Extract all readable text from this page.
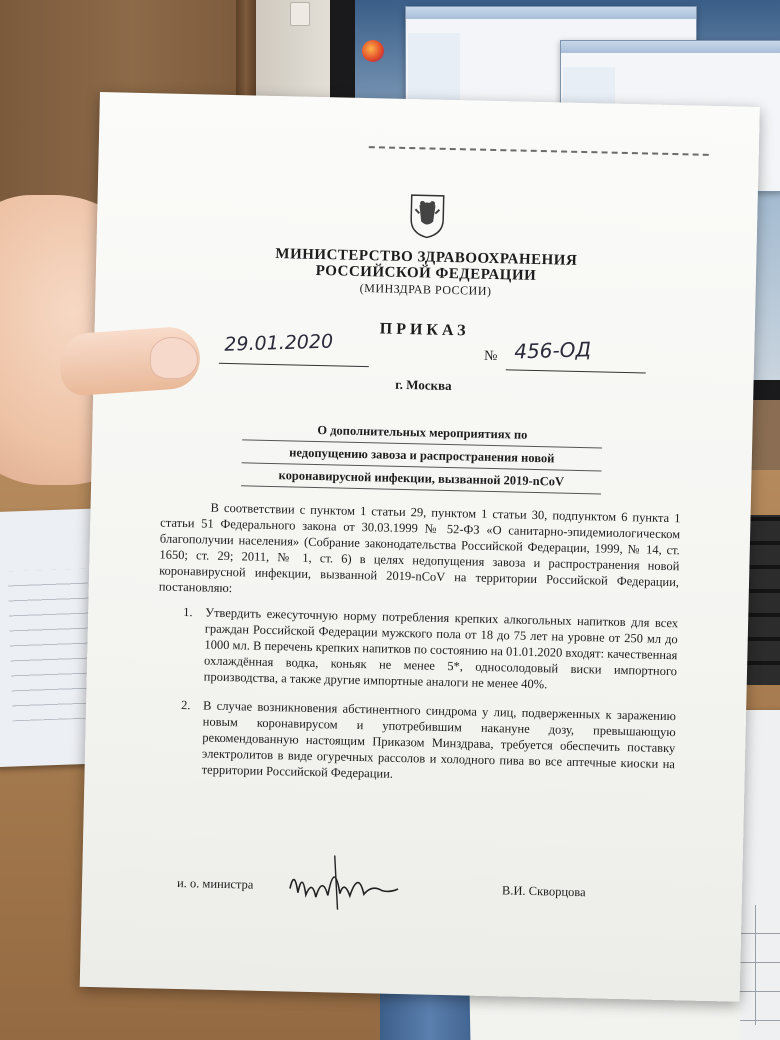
МИНИСТЕРСТВО ЗДРАВООХРАНЕНИЯ
РОССИЙСКОЙ ФЕДЕРАЦИИ
(МИНЗДРАВ РОССИИ)
ПРИКАЗ
29.01.2020
№ 456-ОД
г. Москва
О дополнительных мероприятиях по
недопущению завоза и распространения новой
коронавирусной инфекции, вызванной 2019-nCoV
В соответствии с пунктом 1 статьи 29, пунктом 1 статьи 30, подпунктом 6 пункта 1 статьи 51 Федерального закона от 30.03.1999 № 52-ФЗ «О санитарно-эпидемиологическом благополучии населения» (Собрание законодательства Российской Федерации, 1999, № 14, ст. 1650; ст. 29; 2011, № 1, ст. 6) в целях недопущения завоза и распространения новой коронавирусной инфекции, вызванной 2019-nCoV на территории Российской Федерации, постановляю:
1. Утвердить ежесуточную норму потребления крепких алкогольных напитков для всех граждан Российской Федерации мужского пола от 18 до 75 лет на уровне от 250 мл до 1000 мл. В перечень крепких напитков по состоянию на 01.01.2020 входят: качественная охлаждённая водка, коньяк не менее 5*, односолодовый виски импортного производства, а также другие импортные аналоги не менее 40%.
2. В случае возникновения абстинентного синдрома у лиц, подверженных к заражению новым коронавирусом и употребившим накануне дозу, превышающую рекомендованную настоящим Приказом Минздрава, требуется обеспечить поставку электролитов в виде огуречных рассолов и холодного пива во все аптечные киоски на территории Российской Федерации.
и. о. министра	В.И. Скворцова
